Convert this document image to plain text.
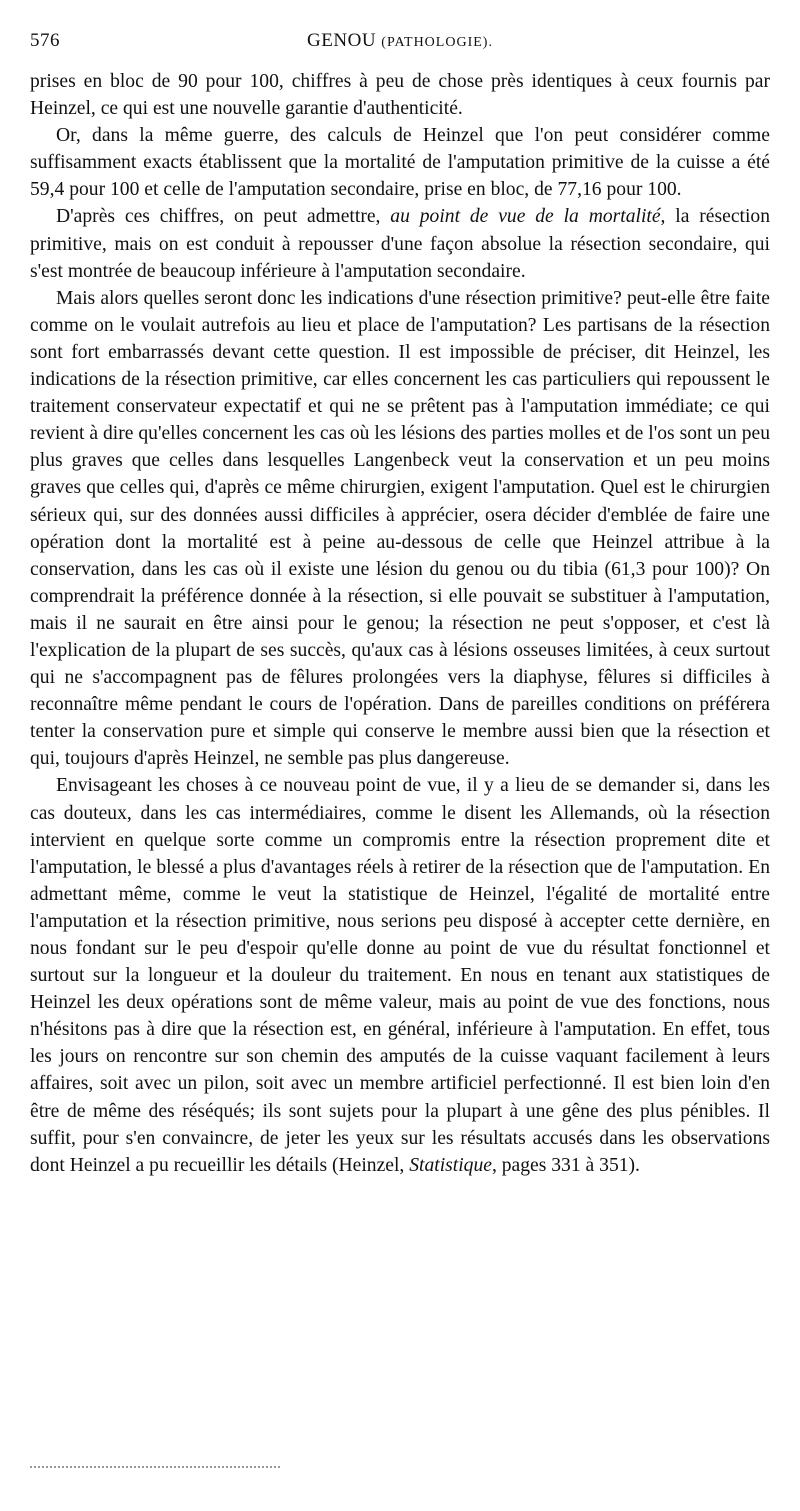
576	GENOU (PATHOLOGIE).

prises en bloc de 90 pour 100, chiffres à peu de chose près identiques à ceux fournis par Heinzel, ce qui est une nouvelle garantie d'authenticité.

Or, dans la même guerre, des calculs de Heinzel que l'on peut considérer comme suffisamment exacts établissent que la mortalité de l'amputation primitive de la cuisse a été 59,4 pour 100 et celle de l'amputation secondaire, prise en bloc, de 77,16 pour 100.

D'après ces chiffres, on peut admettre, au point de vue de la mortalité, la résection primitive, mais on est conduit à repousser d'une façon absolue la résection secondaire, qui s'est montrée de beaucoup inférieure à l'amputation secondaire.

Mais alors quelles seront donc les indications d'une résection primitive? peut-elle être faite comme on le voulait autrefois au lieu et place de l'amputation? Les partisans de la résection sont fort embarrassés devant cette question. Il est impossible de préciser, dit Heinzel, les indications de la résection primitive, car elles concernent les cas particuliers qui repoussent le traitement conservateur expectatif et qui ne se prêtent pas à l'amputation immédiate; ce qui revient à dire qu'elles concernent les cas où les lésions des parties molles et de l'os sont un peu plus graves que celles dans lesquelles Langenbeck veut la conservation et un peu moins graves que celles qui, d'après ce même chirurgien, exigent l'amputation. Quel est le chirurgien sérieux qui, sur des données aussi difficiles à apprécier, osera décider d'emblée de faire une opération dont la mortalité est à peine au-dessous de celle que Heinzel attribue à la conservation, dans les cas où il existe une lésion du genou ou du tibia (61,3 pour 100)? On comprendrait la préférence donnée à la résection, si elle pouvait se substituer à l'amputation, mais il ne saurait en être ainsi pour le genou; la résection ne peut s'opposer, et c'est là l'explication de la plupart de ses succès, qu'aux cas à lésions osseuses limitées, à ceux surtout qui ne s'accompagnent pas de fêlures prolongées vers la diaphyse, fêlures si difficiles à reconnaître même pendant le cours de l'opération. Dans de pareilles conditions on préférera tenter la conservation pure et simple qui conserve le membre aussi bien que la résection et qui, toujours d'après Heinzel, ne semble pas plus dangereuse.

Envisageant les choses à ce nouveau point de vue, il y a lieu de se demander si, dans les cas douteux, dans les cas intermédiaires, comme le disent les Allemands, où la résection intervient en quelque sorte comme un compromis entre la résection proprement dite et l'amputation, le blessé a plus d'avantages réels à retirer de la résection que de l'amputation. En admettant même, comme le veut la statistique de Heinzel, l'égalité de mortalité entre l'amputation et la résection primitive, nous serions peu disposé à accepter cette dernière, en nous fondant sur le peu d'espoir qu'elle donne au point de vue du résultat fonctionnel et surtout sur la longueur et la douleur du traitement. En nous en tenant aux statistiques de Heinzel les deux opérations sont de même valeur, mais au point de vue des fonctions, nous n'hésitons pas à dire que la résection est, en général, inférieure à l'amputation. En effet, tous les jours on rencontre sur son chemin des amputés de la cuisse vaquant facilement à leurs affaires, soit avec un pilon, soit avec un membre artificiel perfectionné. Il est bien loin d'en être de même des réséqués; ils sont sujets pour la plupart à une gêne des plus pénibles. Il suffit, pour s'en convaincre, de jeter les yeux sur les résultats accusés dans les observations dont Heinzel a pu recueillir les détails (Heinzel, Statistique, pages 331 à 351).
